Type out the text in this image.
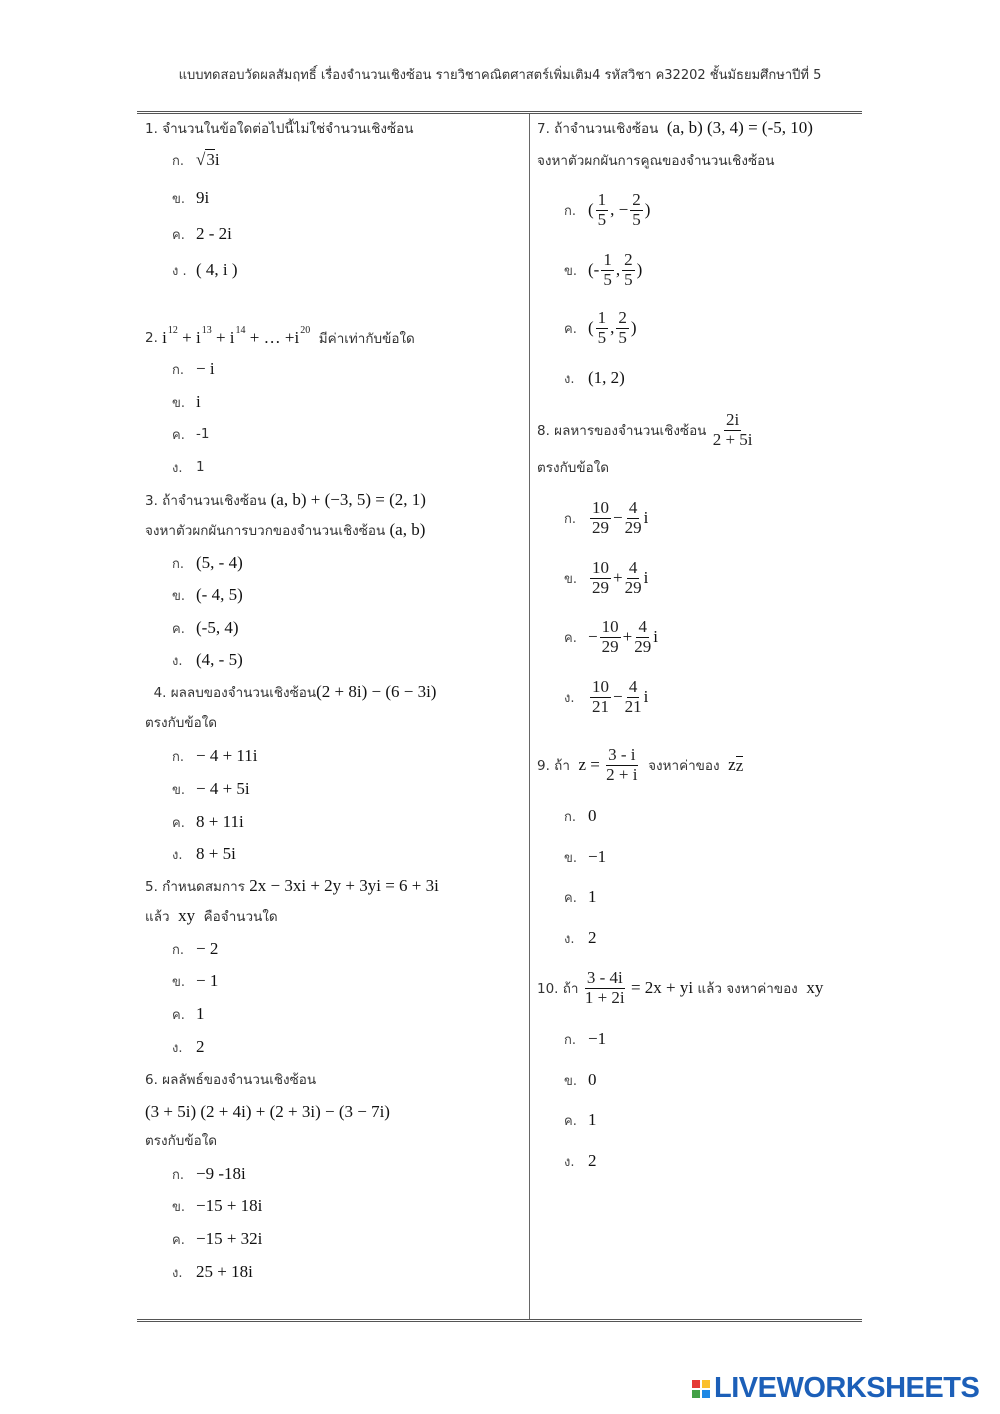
แบบทดสอบวัดผลสัมฤทธิ์ เรื่องจำนวนเชิงซ้อน รายวิชาคณิตศาสตร์เพิ่มเติม4 รหัสวิชา ค32202 ชั้นมัธยมศึกษาปีที่ 5
1. จำนวนในข้อใดต่อไปนี้ไม่ใช่จำนวนเชิงซ้อน
ก. √3 i
ข. 9i
ค. 2 - 2i
ง . ( 4, i )
2. i 12 + i 13 + i 14 + … +i 20
มีค่าเท่ากับข้อใด
ก. − i
ข. i
ค. -1
ง.	1
3. ถ้าจำนวนเชิงซ้อน (a, b) + (−3, 5) = (2, 1)
จงหาตัวผกผันการบวกของจำนวนเชิงซ้อน (a, b)
ก. (5, - 4)
ข. (- 4, 5)
ค. (-5, 4)
ง. (4, - 5)
4. ผลลบของจำนวนเชิงซ้อน (2 + 8i) − (6 − 3i)
ตรงกับข้อใด
ก. − 4 + 11i
ข. − 4 + 5i
ค. 8 + 11i
ง. 8 + 5i
5. กำหนดสมการ 2x − 3xi + 2y + 3yi = 6 + 3i
แล้ว xy คือจำนวนใด
ก. − 2
ข. − 1
ค. 1
ง. 2
6. ผลลัพธ์ของจำนวนเชิงซ้อน
(3 + 5i) (2 + 4i) + (2 + 3i) − (3 − 7i)
ตรงกับข้อใด
ก. −9 -18i
ข. −15 + 18i
ค. −15 + 32i
ง. 25 + 18i
7. ถ้าจำนวนเชิงซ้อน (a, b) (3, 4) = (-5, 10)
จงหาตัวผกผันการคูณของจำนวนเชิงซ้อน
ก. ( $\frac{1}{5}$ , − $\frac{2}{5}$ )
ข. (- $\frac{1}{5}$ , $\frac{2}{5}$ )
ค. ( $\frac{1}{5}$ , $\frac{2}{5}$ )
ง. (1, 2)
8. ผลหารของจำนวนเชิงซ้อน $\frac{2i}{2 + 5i}$
ตรงกับข้อใด
ก. $\frac{10}{29} - \frac{4}{29}$ i
ข. $\frac{10}{29} + \frac{4}{29}$ i
ค. − $\frac{10}{29} + \frac{4}{29}$ i
ง. $\frac{10}{21} - \frac{4}{21}$ i
9. ถ้า $z = \frac{3 - i}{2 + i}$ จงหาค่าของ z z
ก. 0
ข. −1
ค. 1
ง. 2
10. ถ้า $\frac{3 - 4i}{1 + 2i} = 2x$ + yi แล้ว จงหาค่าของ xy
ก. −1
ข. 0
ค. 1
ง. 2
LIVEWORKSHEETS
